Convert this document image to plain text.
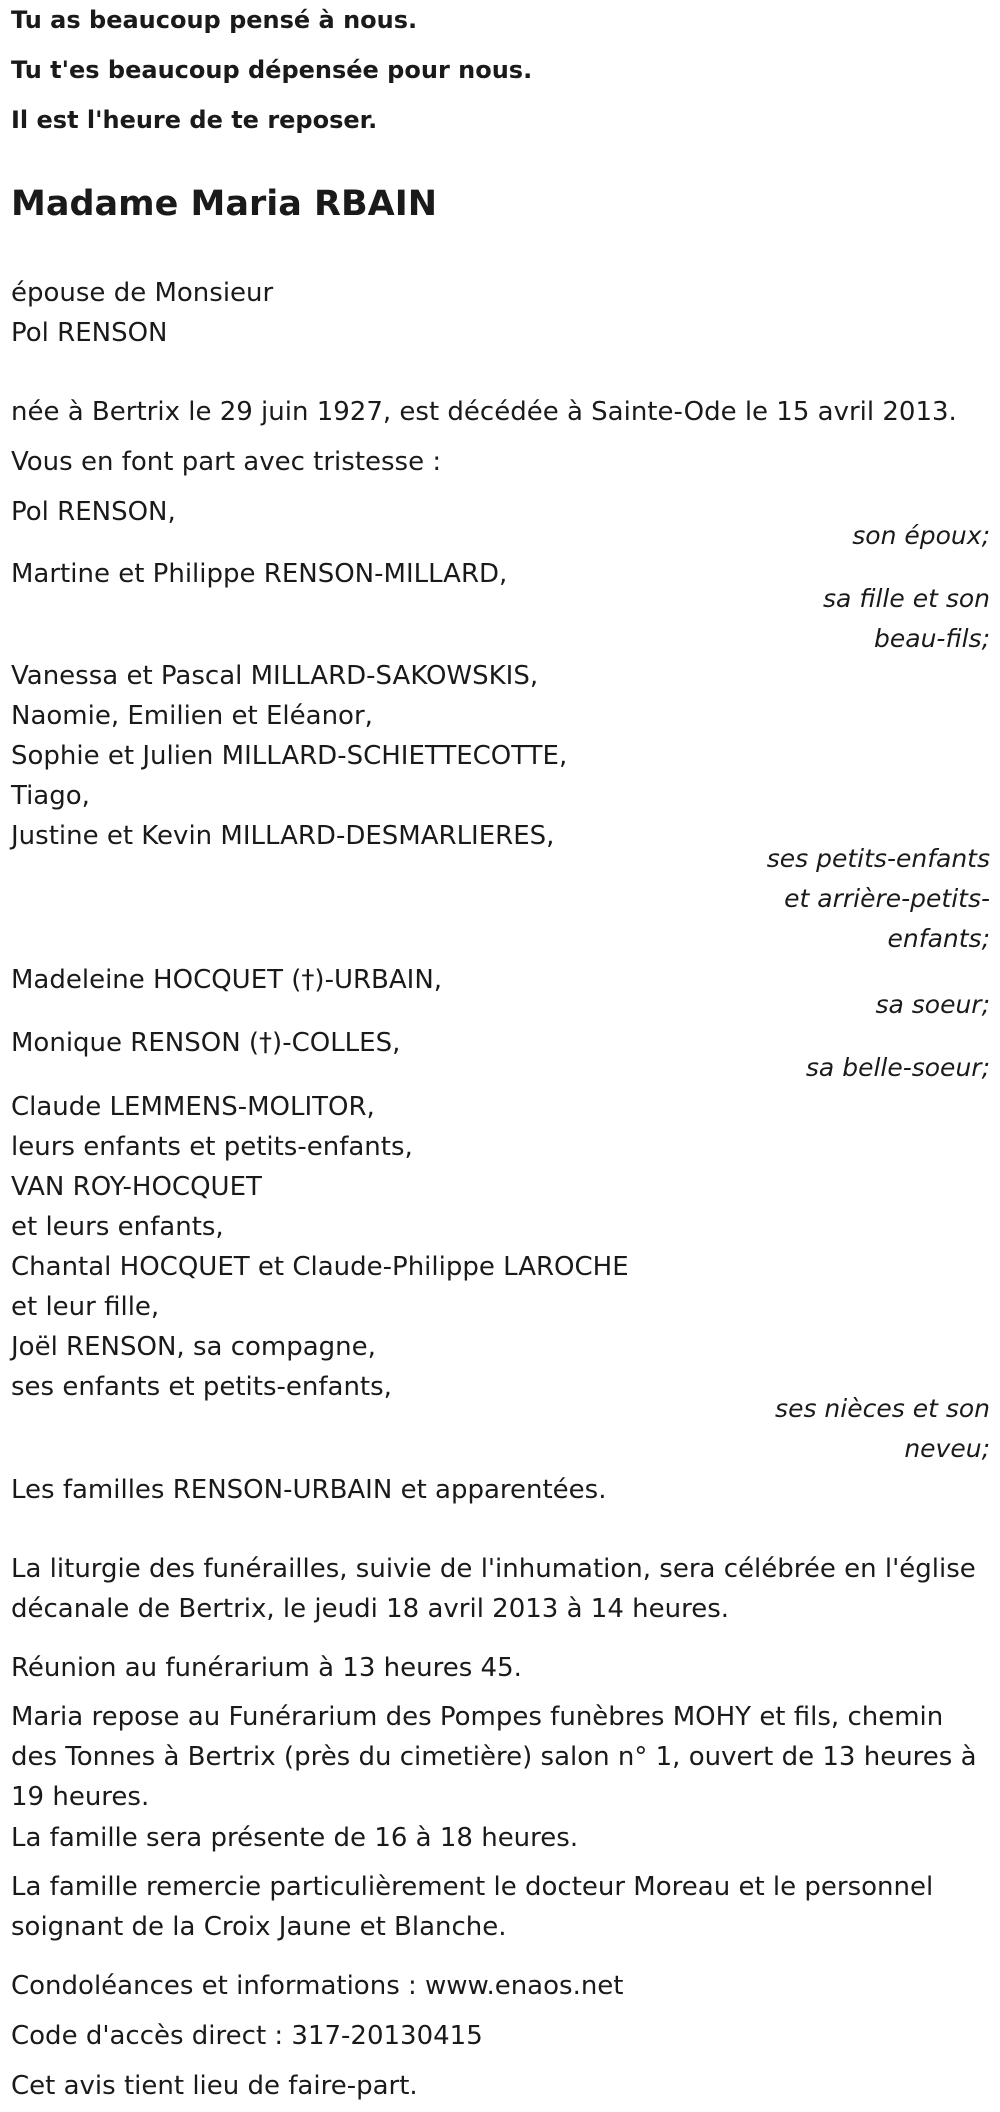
Tu as beaucoup pensé à nous.

Tu t'es beaucoup dépensée pour nous.

Il est l'heure de te reposer.

Madame Maria RBAIN
épouse de Monsieur
Pol RENSON

née à Bertrix le 29 juin 1927, est décédée à Sainte-Ode le 15 avril 2013.

Vous en font part avec tristesse :

Pol RENSON,
son époux;
Martine et Philippe RENSON-MILLARD,
sa fille et son
beau-fils;
Vanessa et Pascal MILLARD-SAKOWSKIS,
Naomie, Emilien et Eléanor,
Sophie et Julien MILLARD-SCHIETTECOTTE,
Tiago,
Justine et Kevin MILLARD-DESMARLIERES,
ses petits-enfants
et arrière-petits-
enfants;
Madeleine HOCQUET (†)-URBAIN,
sa soeur;
Monique RENSON (†)-COLLES,
sa belle-soeur;
Claude LEMMENS-MOLITOR,
leurs enfants et petits-enfants,
VAN ROY-HOCQUET
et leurs enfants,
Chantal HOCQUET et Claude-Philippe LAROCHE
et leur fille,
Joël RENSON, sa compagne,
ses enfants et petits-enfants,
ses nièces et son
neveu;

Les familles RENSON-URBAIN et apparentées.

La liturgie des funérailles, suivie de l'inhumation, sera célébrée en l'église décanale de Bertrix, le jeudi 18 avril 2013 à 14 heures.

Réunion au funérarium à 13 heures 45.

Maria repose au Funérarium des Pompes funèbres MOHY et fils, chemin des Tonnes à Bertrix (près du cimetière) salon n° 1, ouvert de 13 heures à 19 heures.

La famille sera présente de 16 à 18 heures.

La famille remercie particulièrement le docteur Moreau et le personnel soignant de la Croix Jaune et Blanche.

Condoléances et informations : www.enaos.net

Code d'accès direct : 317-20130415

Cet avis tient lieu de faire-part.
